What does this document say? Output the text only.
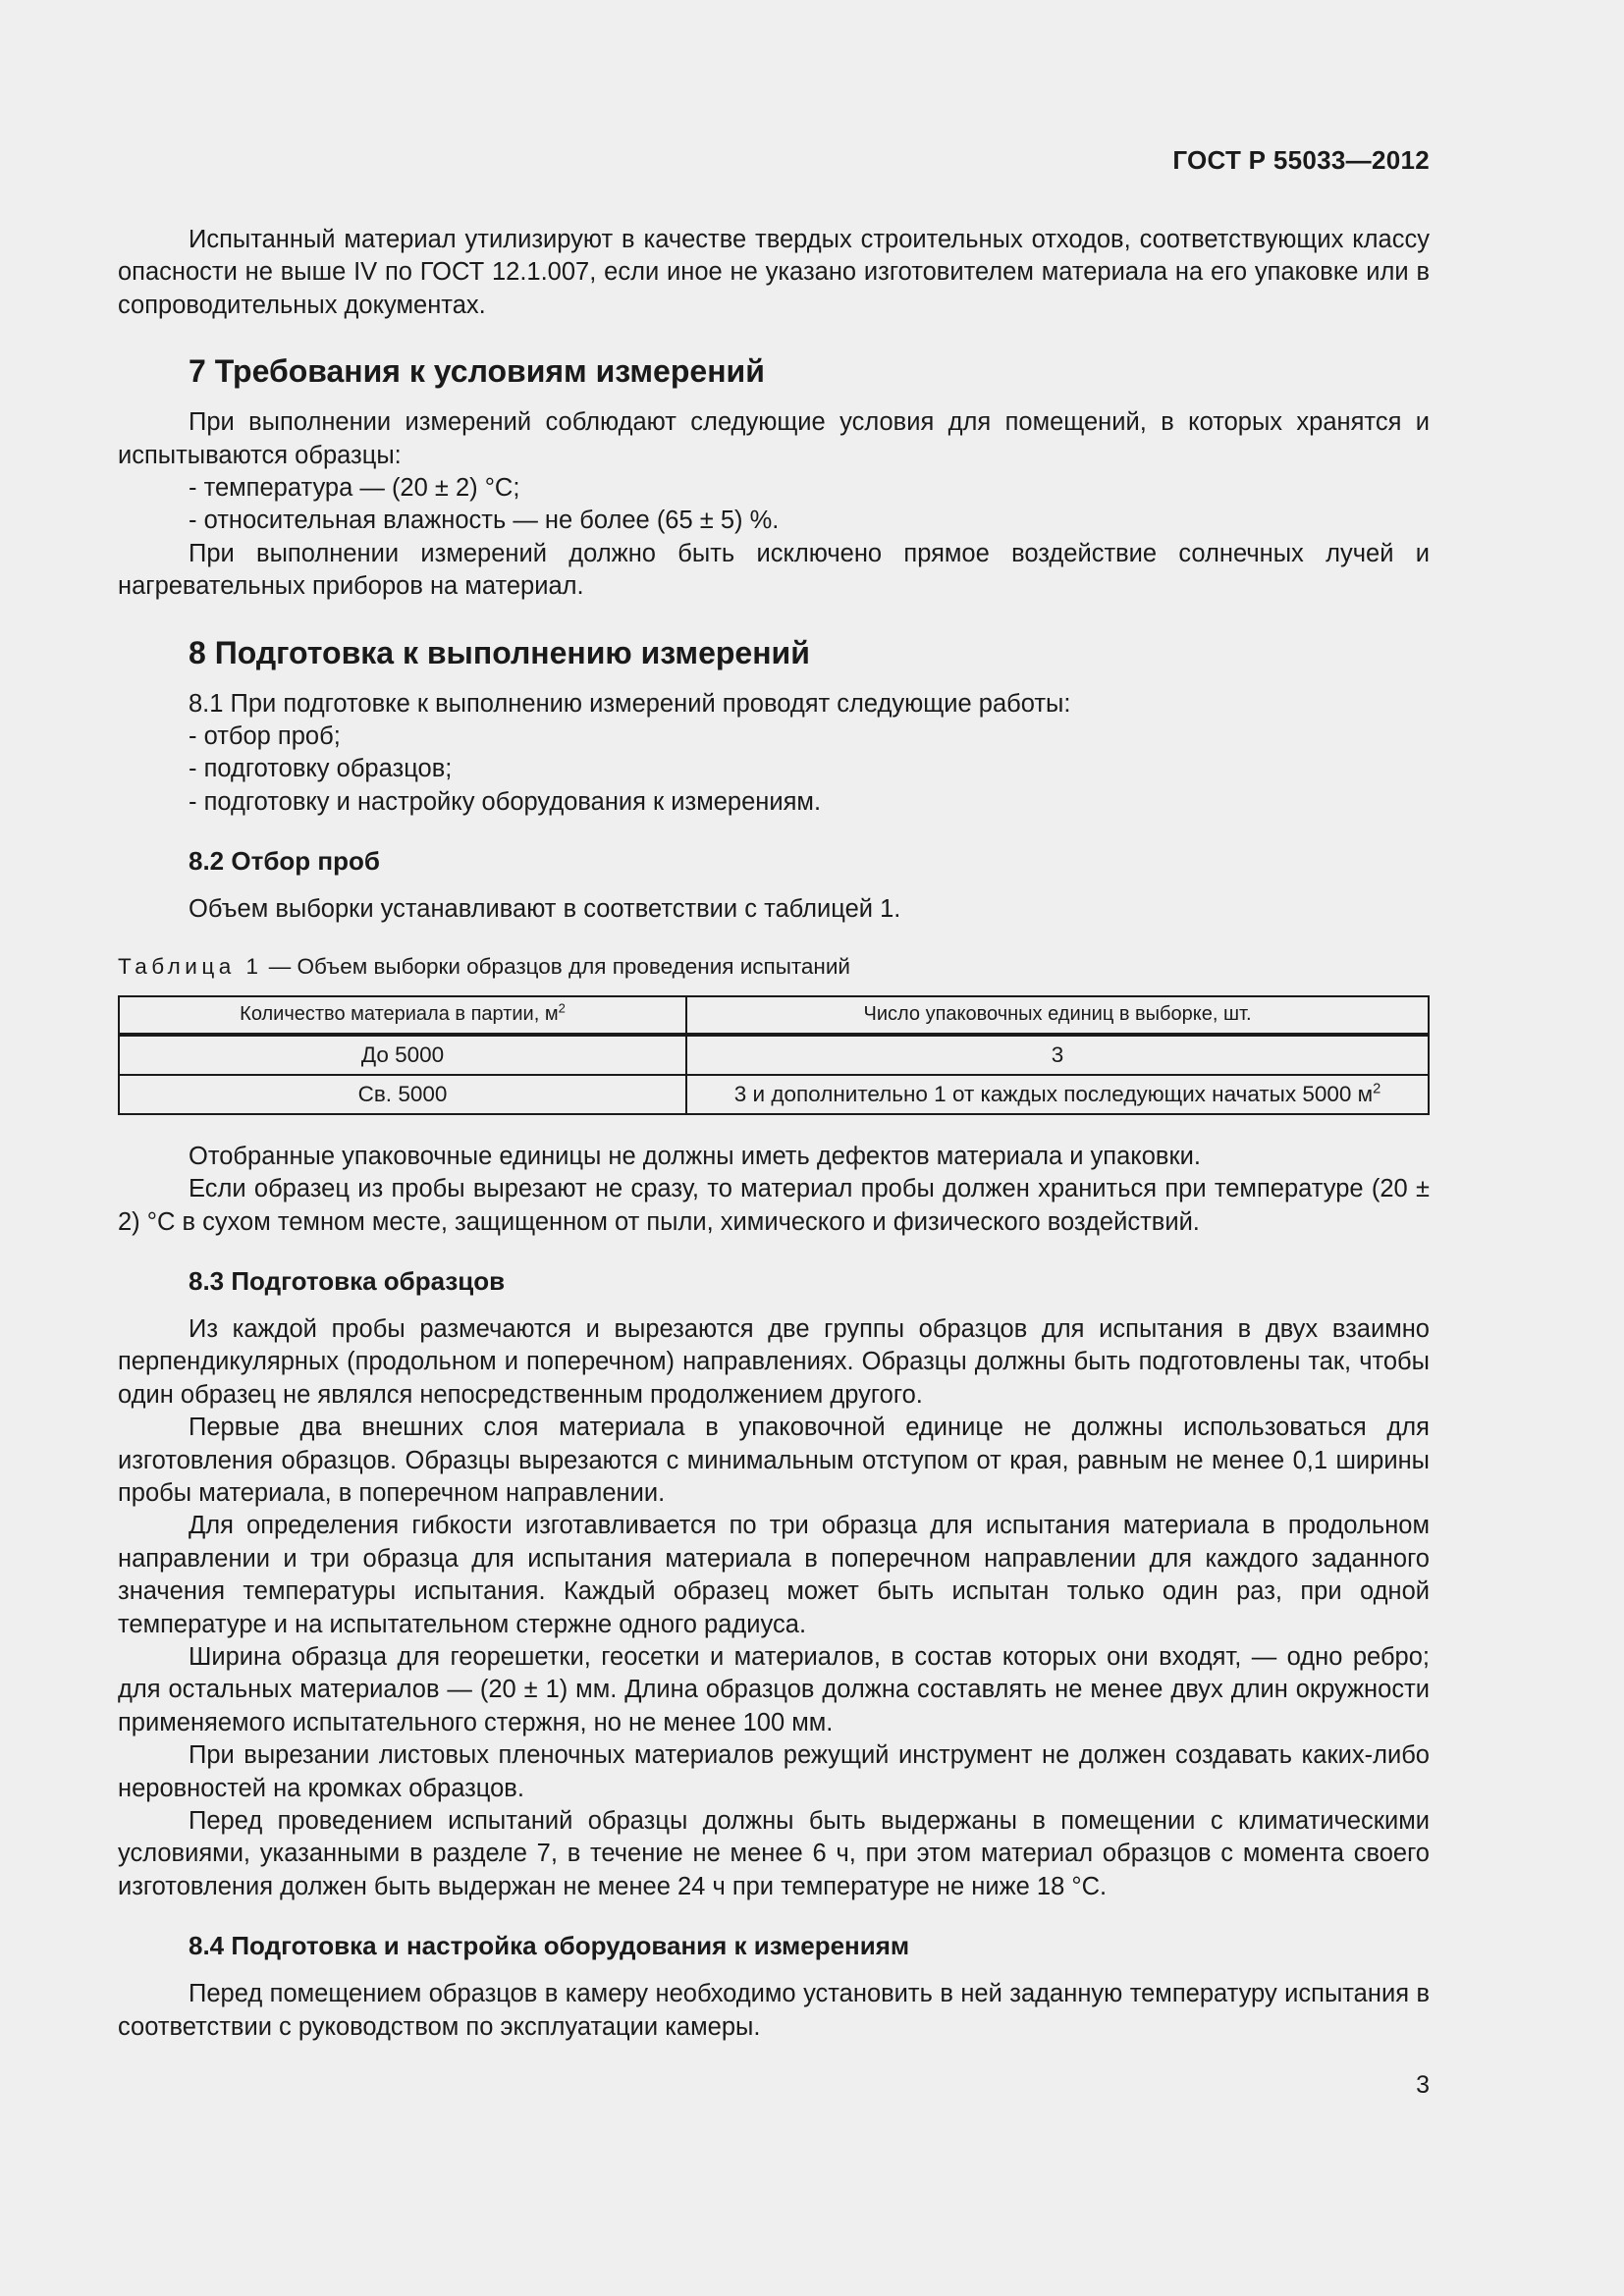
ГОСТ Р 55033—2012

Испытанный материал утилизируют в качестве твердых строительных отходов, соответствующих классу опасности не выше IV по ГОСТ 12.1.007, если иное не указано изготовителем материала на его упаковке или в сопроводительных документах.

7 Требования к условиям измерений

При выполнении измерений соблюдают следующие условия для помещений, в которых хранятся и испытываются образцы:

- температура — (20 ± 2) °C;

- относительная влажность — не более (65 ± 5) %.

При выполнении измерений должно быть исключено прямое воздействие солнечных лучей и нагревательных приборов на материал.

8 Подготовка к выполнению измерений

8.1 При подготовке к выполнению измерений проводят следующие работы:

- отбор проб;

- подготовку образцов;

- подготовку и настройку оборудования к измерениям.

8.2 Отбор проб

Объем выборки устанавливают в соответствии с таблицей 1.

Таблица 1 — Объем выборки образцов для проведения испытаний
Количество материала в партии, $м^2$	Число упаковочных единиц в выборке, шт.
До 5000	3
Св. 5000	3 и дополнительно 1 от каждых последующих начатых 5000 $м^2$

Отобранные упаковочные единицы не должны иметь дефектов материала и упаковки.

Если образец из пробы вырезают не сразу, то материал пробы должен храниться при температуре (20 ± 2) °C в сухом темном месте, защищенном от пыли, химического и физического воздействий.

8.3 Подготовка образцов

Из каждой пробы размечаются и вырезаются две группы образцов для испытания в двух взаимно перпендикулярных (продольном и поперечном) направлениях. Образцы должны быть подготовлены так, чтобы один образец не являлся непосредственным продолжением другого.

Первые два внешних слоя материала в упаковочной единице не должны использоваться для изготовления образцов. Образцы вырезаются с минимальным отступом от края, равным не менее 0,1 ширины пробы материала, в поперечном направлении.

Для определения гибкости изготавливается по три образца для испытания материала в продольном направлении и три образца для испытания материала в поперечном направлении для каждого заданного значения температуры испытания. Каждый образец может быть испытан только один раз, при одной температуре и на испытательном стержне одного радиуса.

Ширина образца для георешетки, геосетки и материалов, в состав которых они входят, — одно ребро; для остальных материалов — (20 ± 1) мм. Длина образцов должна составлять не менее двух длин окружности применяемого испытательного стержня, но не менее 100 мм.

При вырезании листовых пленочных материалов режущий инструмент не должен создавать каких-либо неровностей на кромках образцов.

Перед проведением испытаний образцы должны быть выдержаны в помещении с климатическими условиями, указанными в разделе 7, в течение не менее 6 ч, при этом материал образцов с момента своего изготовления должен быть выдержан не менее 24 ч при температуре не ниже 18 °C.

8.4 Подготовка и настройка оборудования к измерениям

Перед помещением образцов в камеру необходимо установить в ней заданную температуру испытания в соответствии с руководством по эксплуатации камеры.

3
